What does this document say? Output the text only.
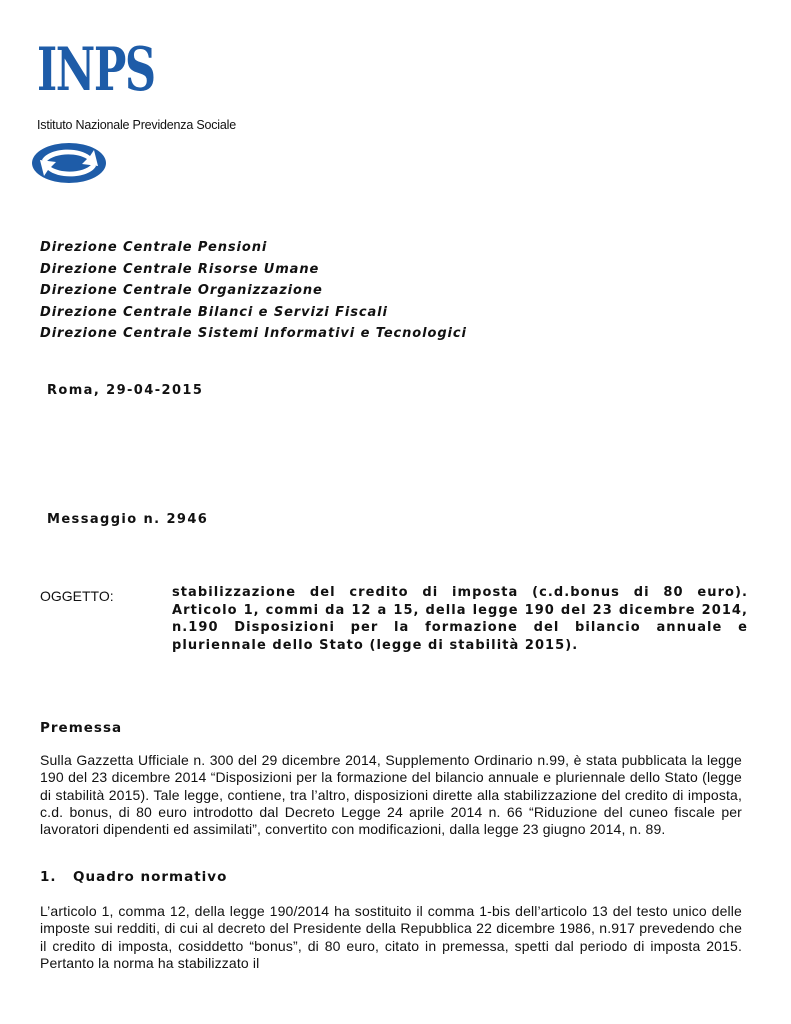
INPS
Istituto Nazionale Previdenza Sociale
Direzione Centrale Pensioni
Direzione Centrale Risorse Umane
Direzione Centrale Organizzazione
Direzione Centrale Bilanci e Servizi Fiscali
Direzione Centrale Sistemi Informativi e Tecnologici
Roma, 29-04-2015
Messaggio n. 2946
OGGETTO:	stabilizzazione del credito di imposta (c.d.bonus di 80 euro). Articolo 1, commi da 12 a 15, della legge 190 del 23 dicembre 2014, n.190 Disposizioni per la formazione del bilancio annuale e pluriennale dello Stato (legge di stabilità 2015).
Premessa

Sulla Gazzetta Ufficiale n. 300 del 29 dicembre 2014, Supplemento Ordinario n.99, è stata pubblicata la legge 190 del 23 dicembre 2014 “Disposizioni per la formazione del bilancio annuale e pluriennale dello Stato (legge di stabilità 2015). Tale legge, contiene, tra l’altro, disposizioni dirette alla stabilizzazione del credito di imposta, c.d. bonus, di 80 euro introdotto dal Decreto Legge 24 aprile 2014 n. 66 “Riduzione del cuneo fiscale per lavoratori dipendenti ed assimilati”, convertito con modificazioni, dalla legge 23 giugno 2014, n. 89.

1. Quadro normativo

L’articolo 1, comma 12, della legge 190/2014 ha sostituito il comma 1-bis dell’articolo 13 del testo unico delle imposte sui redditi, di cui al decreto del Presidente della Repubblica 22 dicembre 1986, n.917 prevedendo che il credito di imposta, cosiddetto “bonus”, di 80 euro, citato in premessa, spetti dal periodo di imposta 2015. Pertanto la norma ha stabilizzato il
